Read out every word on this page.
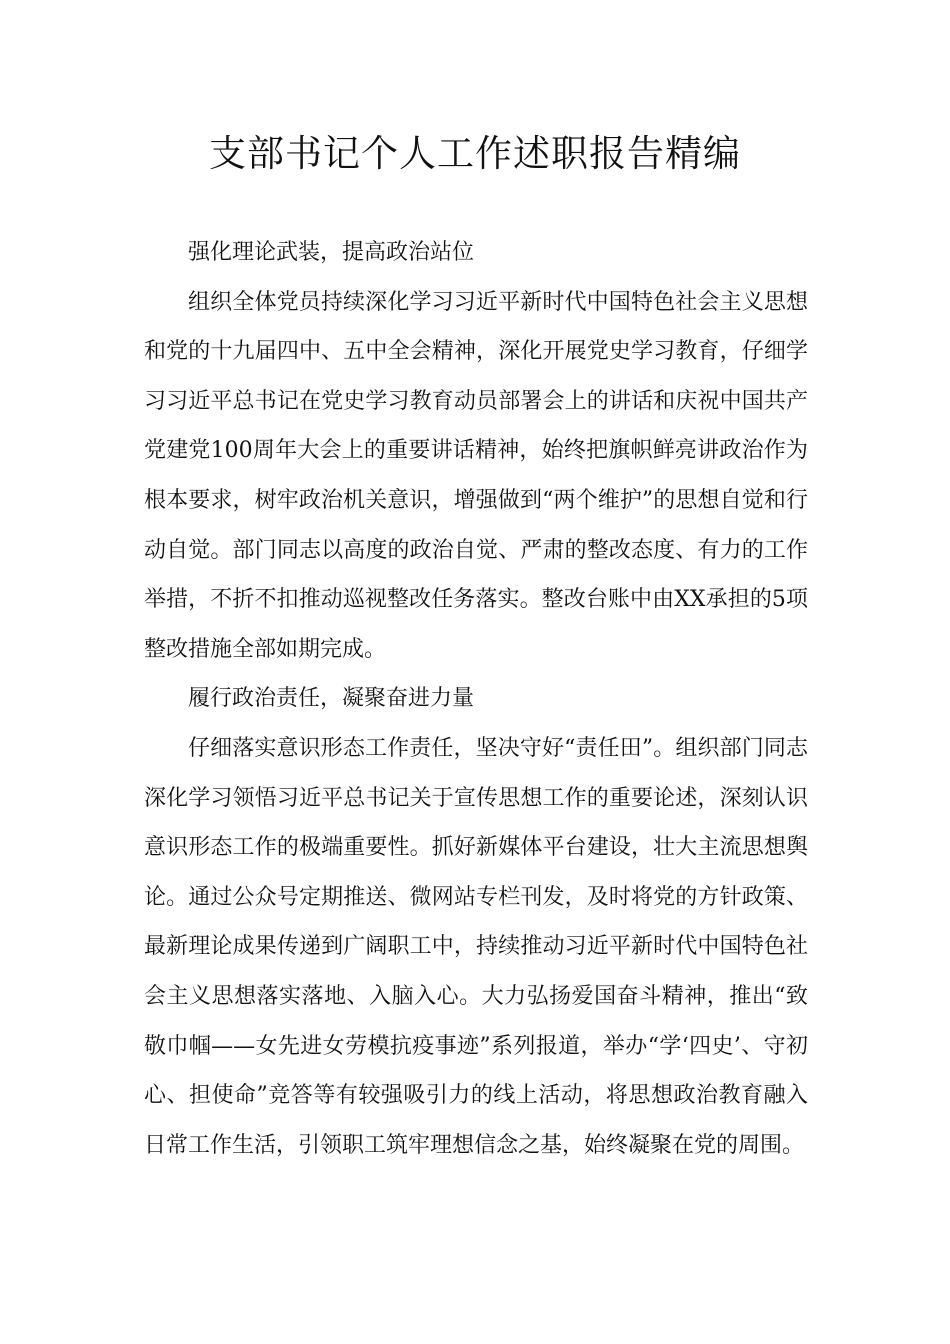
支部书记个人工作述职报告精编

强化理论武装，提高政治站位

组织全体党员持续深化学习习近平新时代中国特色社会主义思想和党的十九届四中、五中全会精神，深化开展党史学习教育，仔细学习习近平总书记在党史学习教育动员部署会上的讲话和庆祝中国共产党建党100周年大会上的重要讲话精神，始终把旗帜鲜亮讲政治作为根本要求，树牢政治机关意识，增强做到“两个维护”的思想自觉和行动自觉。部门同志以高度的政治自觉、严肃的整改态度、有力的工作举措，不折不扣推动巡视整改任务落实。整改台账中由XX承担的5项整改措施全部如期完成。

履行政治责任，凝聚奋进力量

仔细落实意识形态工作责任，坚决守好“责任田”。组织部门同志深化学习领悟习近平总书记关于宣传思想工作的重要论述，深刻认识意识形态工作的极端重要性。抓好新媒体平台建设，壮大主流思想舆论。通过公众号定期推送、微网站专栏刊发，及时将党的方针政策、最新理论成果传递到广阔职工中，持续推动习近平新时代中国特色社会主义思想落实落地、入脑入心。大力弘扬爱国奋斗精神，推出“致敬巾帼——女先进女劳模抗疫事迹”系列报道，举办“学‘四史’、守初心、担使命”竞答等有较强吸引力的线上活动，将思想政治教育融入日常工作生活，引领职工筑牢理想信念之基，始终凝聚在党的周围。
